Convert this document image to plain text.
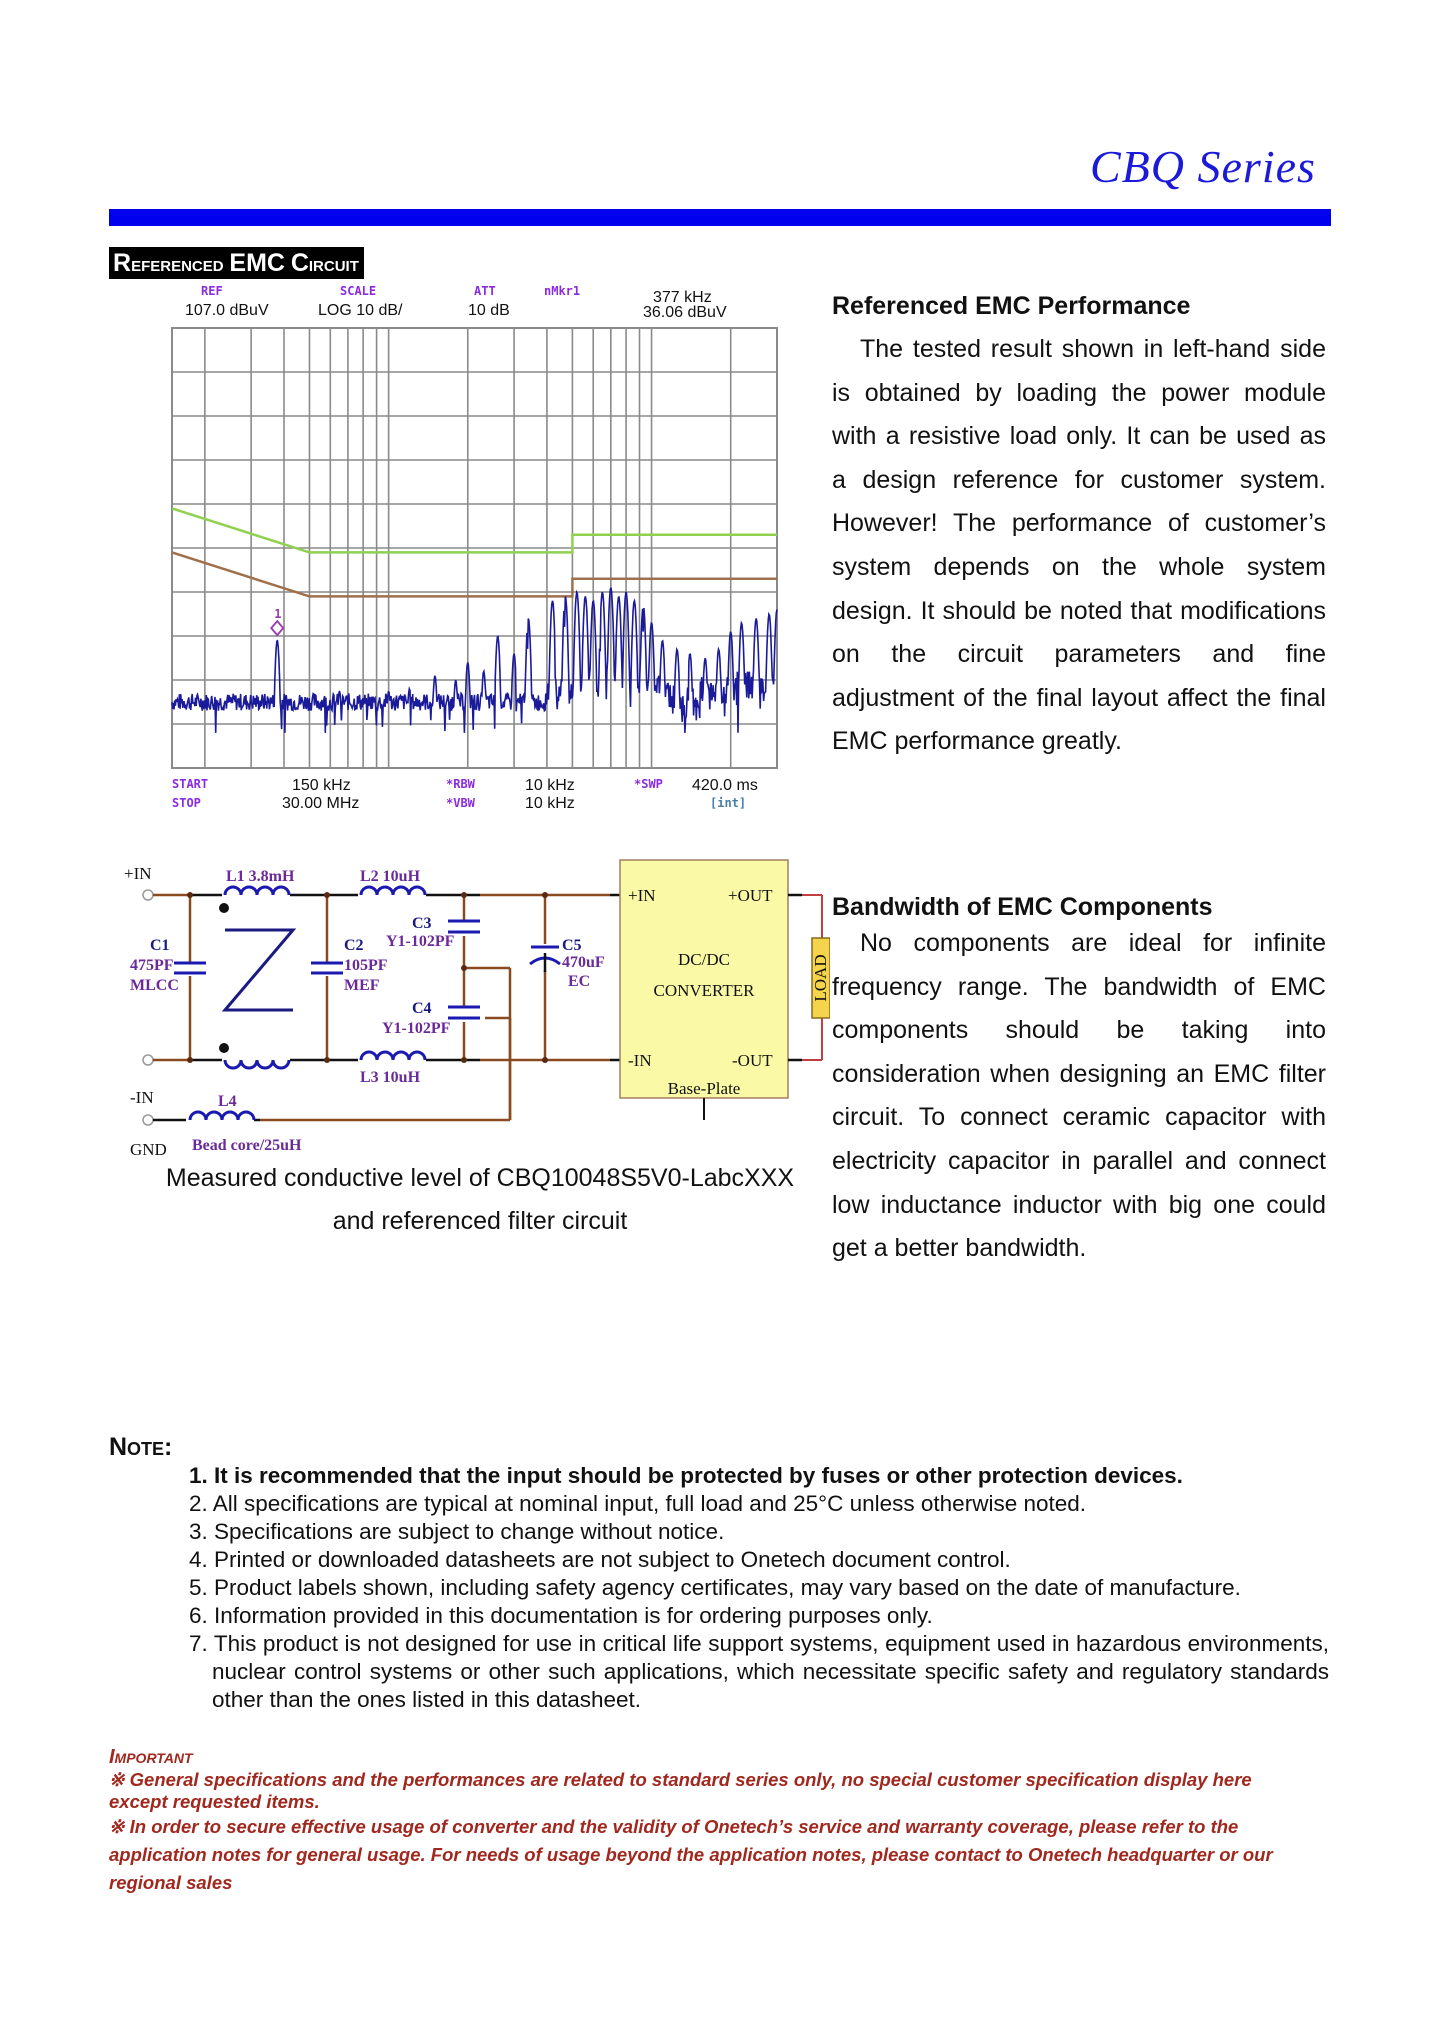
CBQ Series
Referenced EMC Circuit
REF
107.0 dBuV
SCALE
LOG 10 dB/
ATT
10 dB
nMkr1	377 kHz
36.06 dBuV
1
START	150 kHz
STOP	30.00 MHz
*RBW	10 kHz
*VBW	10 kHz
*SWP 420.0 ms
[int]
Referenced EMC Performance
The tested result shown in left-hand side is obtained by loading the power module with a resistive load only. It can be used as a design reference for customer system. However! The performance of customer’s system depends on the whole system design. It should be noted that modifications on the circuit parameters and fine adjustment of the final layout affect the final EMC performance greatly.
+IN
-IN
GND
L1 3.8mH	L2 10uH
L3 10uH
L4
Bead core/25uH
C1
475PF
MLCC
C2
105PF
MEF
C3
Y1-102PF
C4
Y1-102PF
C5
470uF
EC
+IN	+OUT
-IN	-OUT
DC/DC
CONVERTER
Base-Plate
LOAD
Measured conductive level of CBQ10048S5V0-LabcXXX
and referenced filter circuit
Bandwidth of EMC Components
No components are ideal for infinite frequency range. The bandwidth of EMC components should be taking into consideration when designing an EMC filter circuit. To connect ceramic capacitor with electricity capacitor in parallel and connect low inductance inductor with big one could get a better bandwidth.
Note:

1. It is recommended that the input should be protected by fuses or other protection devices.

2. All specifications are typical at nominal input, full load and 25°C unless otherwise noted.

3. Specifications are subject to change without notice.

4. Printed or downloaded datasheets are not subject to Onetech document control.

5. Product labels shown, including safety agency certificates, may vary based on the date of manufacture.

6. Information provided in this documentation is for ordering purposes only.

7. This product is not designed for use in critical life support systems, equipment used in hazardous environments, nuclear control systems or other such applications, which necessitate specific safety and regulatory standards other than the ones listed in this datasheet.

Important

※ General specifications and the performances are related to standard series only, no special customer specification display here except requested items.

※ In order to secure effective usage of converter and the validity of Onetech’s service and warranty coverage, please refer to the application notes for general usage. For needs of usage beyond the application notes, please contact to Onetech headquarter or our regional sales
